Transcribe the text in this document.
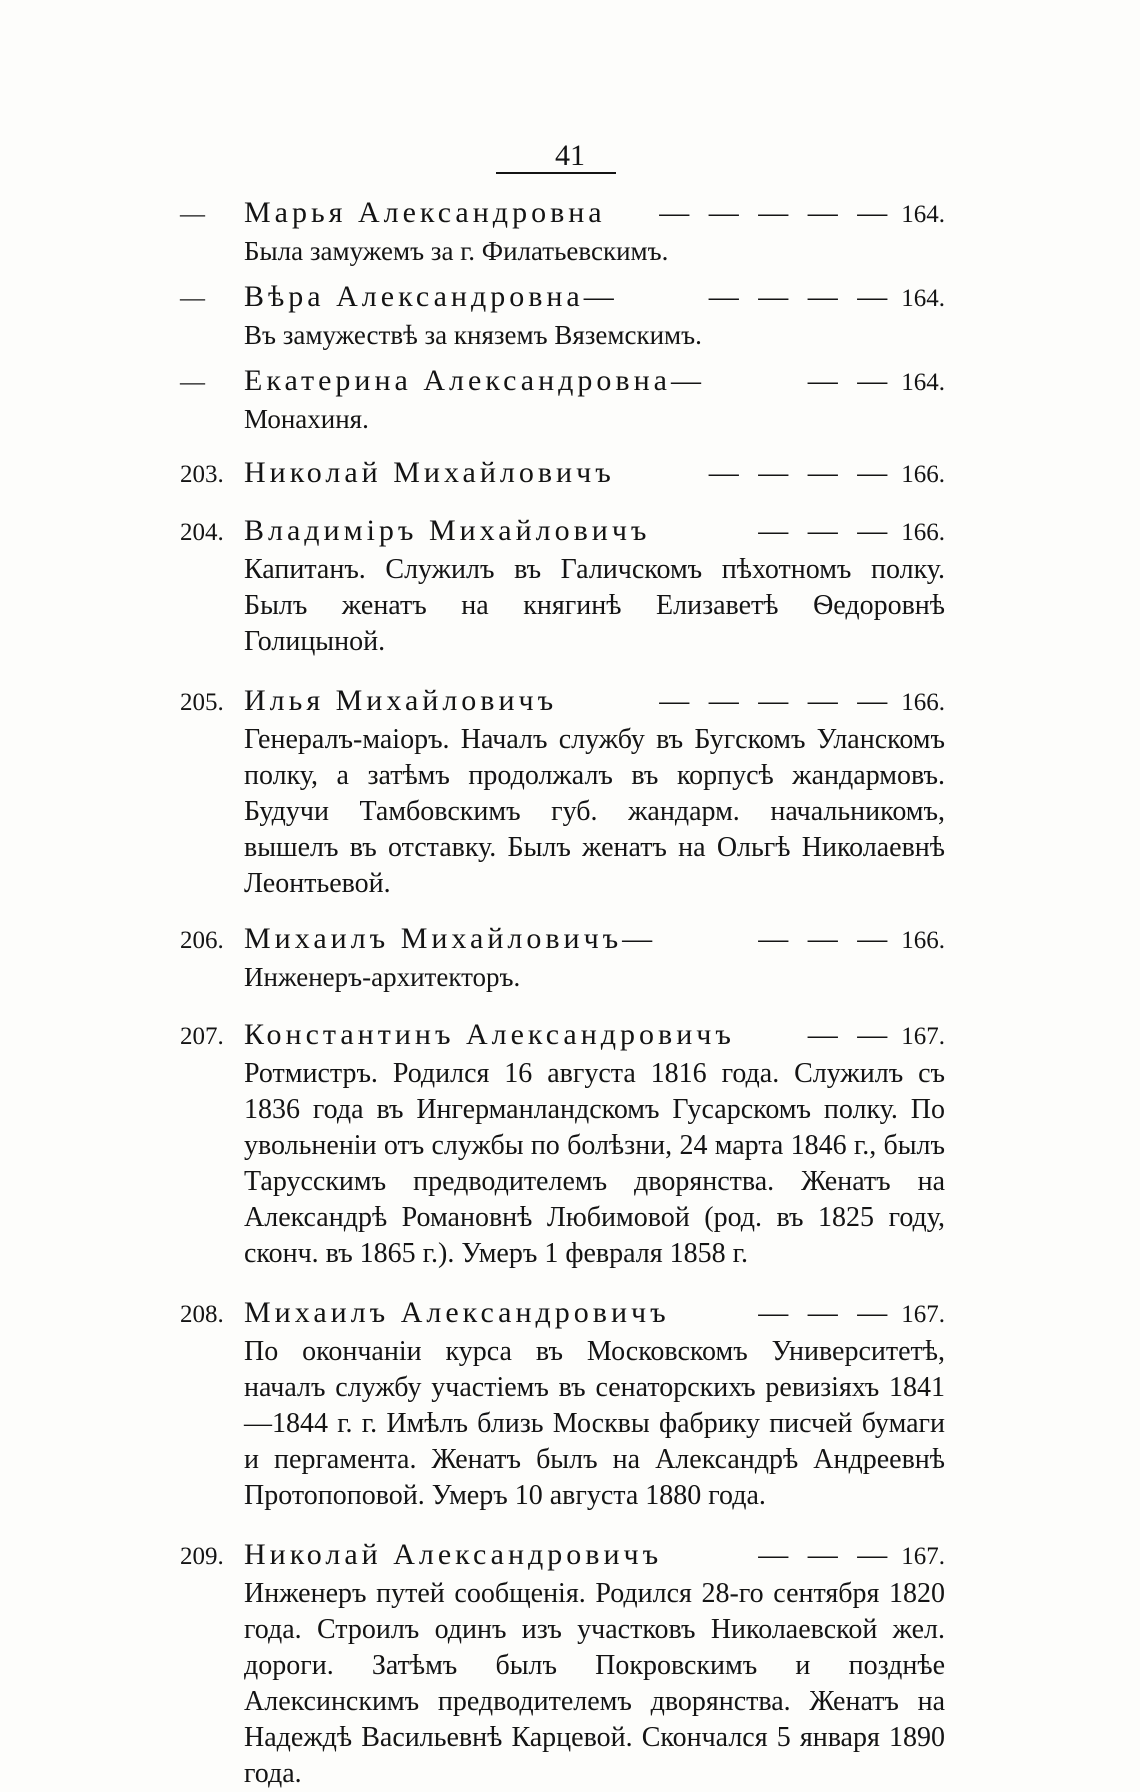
41
—	Марья Александровна	— — — — — 164.
Была замужемъ за г. Филатьевскимъ.
—	Вѣра Александровна—	— — — — 164.
Въ замужествѣ за княземъ Вяземскимъ.
—	Екатерина Александровна—	— — 164.
Монахиня.
203. Николай Михайловичъ	— — — — 166.
204. Владиміръ Михайловичъ	— — — 166.
Капитанъ. Служилъ въ Галичскомъ пѣхотномъ полку. Былъ женатъ на княгинѣ Елизаветѣ Ѳедоровнѣ Голицыной.
205. Илья Михайловичъ	— — — — — 166.
Генералъ-маіоръ. Началъ службу въ Бугскомъ Уланскомъ полку, а затѣмъ продолжалъ въ корпусѣ жандармовъ. Будучи Тамбовскимъ губ. жандарм. начальникомъ, вышелъ въ отставку. Былъ женатъ на Ольгѣ Николаевнѣ Леонтьевой.
206. Михаилъ Михайловичъ—	— — — 166.
Инженеръ-архитекторъ.
207. Константинъ Александровичъ	— — 167.
Ротмистръ. Родился 16 августа 1816 года. Служилъ съ 1836 года въ Ингерманландскомъ Гусарскомъ полку. По увольненіи отъ службы по болѣзни, 24 марта 1846 г., былъ Тарусскимъ предводителемъ дворянства. Женатъ на Александрѣ Романовнѣ Любимовой (род. въ 1825 году, сконч. въ 1865 г.). Умеръ 1 февраля 1858 г.
208. Михаилъ Александровичъ	— — — 167.
По окончаніи курса въ Московскомъ Университетѣ, началъ службу участіемъ въ сенаторскихъ ревизіяхъ 1841—1844 г. г. Имѣлъ близь Москвы фабрику писчей бумаги и пергамента. Женатъ былъ на Александрѣ Андреевнѣ Протопоповой. Умеръ 10 августа 1880 года.
209. Николай Александровичъ	— — — 167.
Инженеръ путей сообщенія. Родился 28-го сентября 1820 года. Строилъ одинъ изъ участковъ Николаевской жел. дороги. Затѣмъ былъ Покровскимъ и позднѣе Алексинскимъ предводителемъ дворянства. Женатъ на Надеждѣ Васильевнѣ Карцевой. Скончался 5 января 1890 года.
